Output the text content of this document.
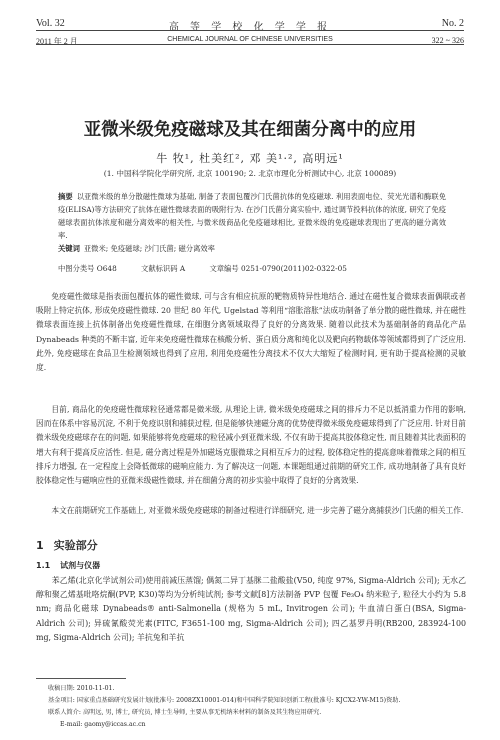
Vol. 32
2011 年 2 月
高 等 学 校 化 学 学 报
CHEMICAL JOURNAL OF CHINESE UNIVERSITIES
No. 2
322 ~ 326
亚微米级免疫磁球及其在细菌分离中的应用
牛 牧¹, 杜美红², 邓 美¹·², 高明远¹
(1. 中国科学院化学研究所, 北京 100190; 2. 北京市理化分析测试中心, 北京 100089)
摘要 以亚微米级的单分散磁性微球为基础, 制备了表面包覆沙门氏菌抗体的免疫磁球. 利用表面电位、荧光光谱和酶联免疫(ELISA)等方法研究了抗体在磁性微球表面的吸附行为. 在沙门氏菌分离实验中, 通过调节投料抗体的浓度, 研究了免疫磁球表面抗体浓度和磁分离效率的相关性, 与微米级商品化免疫磁球相比, 亚微米级的免疫磁球表现出了更高的磁分离效率.
关键词 亚微米; 免疫磁球; 沙门氏菌; 磁分离效率
中图分类号 O648	文献标识码 A	文章编号 0251-0790(2011)02-0322-05
免疫磁性微球是指表面包覆抗体的磁性微球, 可与含有相应抗原的靶物质特异性地结合. 通过在磁性复合微球表面偶联或者吸附上特定抗体, 形成免疫磁性微球. 20 世纪 80 年代, Ugelstad 等利用“溶胀溶胀”法成功制备了单分散的磁性微球, 并在磁性微球表面连接上抗体制备出免疫磁性微球, 在细胞分离领域取得了良好的分离效果. 随着以此技术为基础制备的商品化产品 Dynabeads 种类的不断丰富, 近年来免疫磁性微球在核酸分析、蛋白质分离和纯化以及靶向药物载体等领域都得到了广泛应用. 此外, 免疫磁球在食品卫生检测领域也得到了应用, 利用免疫磁性分离技术不仅大大缩短了检测时间, 更有助于提高检测的灵敏度.
目前, 商品化的免疫磁性微球粒径通常都是微米级, 从理论上讲, 微米级免疫磁球之间的排斥力不足以抵消重力作用的影响, 因而在体系中容易沉淀, 不利于免疫识别和捕获过程, 但是能够快速磁分离的优势使得微米级免疫磁球得到了广泛应用. 针对目前微米级免疫磁球存在的问题, 如果能够将免疫磁球的粒径减小到亚微米级, 不仅有助于提高其胶体稳定性, 而且随着其比表面积的增大有利于提高反应活性. 但是, 磁分离过程是外加磁场克服微球之间相互斥力的过程, 胶体稳定性的提高意味着微球之间的相互排斥力增强, 在一定程度上会降低微球的磁响应能力. 为了解决这一问题, 本课题组通过前期的研究工作, 成功地制备了具有良好胶体稳定性与磁响应性的亚微米级磁性微球, 并在细菌分离的初步实验中取得了良好的分离效果.
本文在前期研究工作基础上, 对亚微米级免疫磁球的制备过程进行详细研究, 进一步完善了磁分离捕获沙门氏菌的相关工作.
1 实验部分
1.1 试剂与仪器
苯乙烯(北京化学试剂公司)使用前减压蒸馏; 偶氮二异丁基脒二盐酸盐(V50, 纯度 97%, Sigma-Aldrich 公司); 无水乙醇和聚乙烯基吡咯烷酮(PVP, K30)等均为分析纯试剂; 参考文献[8]方法制备 PVP 包覆 Fe₃O₄ 纳米粒子, 粒径大小约为 5.8 nm; 商品化磁球 Dynabeads® anti-Salmonella (规格为 5 mL, Invitrogen 公司); 牛血清白蛋白(BSA, Sigma-Aldrich 公司); 异硫氰酸荧光素(FITC, F3651-100 mg, Sigma-Aldrich 公司); 四乙基罗丹明(RB200, 283924-100 mg, Sigma-Aldrich 公司); 羊抗兔和羊抗
收稿日期: 2010-11-01.
基金项目: 国家重点基础研究发展计划(批准号: 2008ZX10001-014)和中国科学院知识创新工程(批准号: KJCX2-YW-M15)资助.
联系人简介: 高明远, 男, 博士, 研究员, 博士生导师, 主要从事无机纳米材料的制备及其生物应用研究.
E-mail: gaomy@iccas.ac.cn
